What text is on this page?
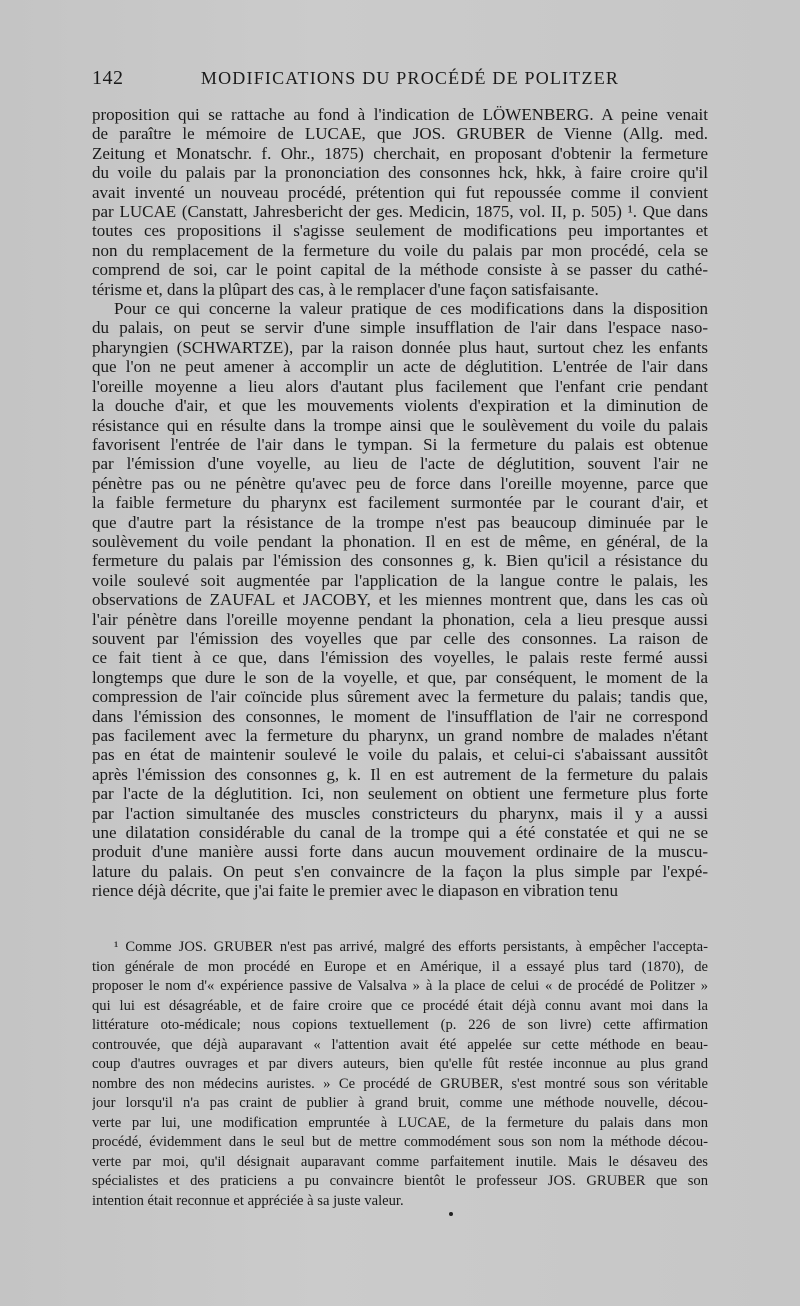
142	MODIFICATIONS DU PROCÉDÉ DE POLITZER
proposition qui se rattache au fond à l'indication de LÖWENBERG. A peine venait
de paraître le mémoire de LUCAE, que JOS. GRUBER de Vienne (Allg. med.
Zeitung et Monatschr. f. Ohr., 1875) cherchait, en proposant d'obtenir la fermeture
du voile du palais par la prononciation des consonnes hck, hkk, à faire croire qu'il
avait inventé un nouveau procédé, prétention qui fut repoussée comme il convient
par LUCAE (Canstatt, Jahresbericht der ges. Medicin, 1875, vol. II, p. 505) ¹. Que dans
toutes ces propositions il s'agisse seulement de modifications peu importantes et
non du remplacement de la fermeture du voile du palais par mon procédé, cela se
comprend de soi, car le point capital de la méthode consiste à se passer du cathé-
térisme et, dans la plûpart des cas, à le remplacer d'une façon satisfaisante.
Pour ce qui concerne la valeur pratique de ces modifications dans la disposition
du palais, on peut se servir d'une simple insufflation de l'air dans l'espace naso-
pharyngien (SCHWARTZE), par la raison donnée plus haut, surtout chez les enfants
que l'on ne peut amener à accomplir un acte de déglutition. L'entrée de l'air dans
l'oreille moyenne a lieu alors d'autant plus facilement que l'enfant crie pendant
la douche d'air, et que les mouvements violents d'expiration et la diminution de
résistance qui en résulte dans la trompe ainsi que le soulèvement du voile du palais
favorisent l'entrée de l'air dans le tympan. Si la fermeture du palais est obtenue
par l'émission d'une voyelle, au lieu de l'acte de déglutition, souvent l'air ne
pénètre pas ou ne pénètre qu'avec peu de force dans l'oreille moyenne, parce que
la faible fermeture du pharynx est facilement surmontée par le courant d'air, et
que d'autre part la résistance de la trompe n'est pas beaucoup diminuée par le
soulèvement du voile pendant la phonation. Il en est de même, en général, de la
fermeture du palais par l'émission des consonnes g, k. Bien qu'icil a résistance du
voile soulevé soit augmentée par l'application de la langue contre le palais, les
observations de ZAUFAL et JACOBY, et les miennes montrent que, dans les cas où
l'air pénètre dans l'oreille moyenne pendant la phonation, cela a lieu presque aussi
souvent par l'émission des voyelles que par celle des consonnes. La raison de
ce fait tient à ce que, dans l'émission des voyelles, le palais reste fermé aussi
longtemps que dure le son de la voyelle, et que, par conséquent, le moment de la
compression de l'air coïncide plus sûrement avec la fermeture du palais; tandis que,
dans l'émission des consonnes, le moment de l'insufflation de l'air ne correspond
pas facilement avec la fermeture du pharynx, un grand nombre de malades n'étant
pas en état de maintenir soulevé le voile du palais, et celui-ci s'abaissant aussitôt
après l'émission des consonnes g, k. Il en est autrement de la fermeture du palais
par l'acte de la déglutition. Ici, non seulement on obtient une fermeture plus forte
par l'action simultanée des muscles constricteurs du pharynx, mais il y a aussi
une dilatation considérable du canal de la trompe qui a été constatée et qui ne se
produit d'une manière aussi forte dans aucun mouvement ordinaire de la muscu-
lature du palais. On peut s'en convaincre de la façon la plus simple par l'expé-
rience déjà décrite, que j'ai faite le premier avec le diapason en vibration tenu
¹ Comme JOS. GRUBER n'est pas arrivé, malgré des efforts persistants, à empêcher l'accepta-
tion générale de mon procédé en Europe et en Amérique, il a essayé plus tard (1870), de
proposer le nom d'« expérience passive de Valsalva » à la place de celui « de procédé de Politzer »
qui lui est désagréable, et de faire croire que ce procédé était déjà connu avant moi dans la
littérature oto-médicale; nous copions textuellement (p. 226 de son livre) cette affirmation
controuvée, que déjà auparavant « l'attention avait été appelée sur cette méthode en beau-
coup d'autres ouvrages et par divers auteurs, bien qu'elle fût restée inconnue au plus grand
nombre des non médecins auristes. » Ce procédé de GRUBER, s'est montré sous son véritable
jour lorsqu'il n'a pas craint de publier à grand bruit, comme une méthode nouvelle, décou-
verte par lui, une modification empruntée à LUCAE, de la fermeture du palais dans mon
procédé, évidemment dans le seul but de mettre commodément sous son nom la méthode décou-
verte par moi, qu'il désignait auparavant comme parfaitement inutile. Mais le désaveu des
spécialistes et des praticiens a pu convaincre bientôt le professeur JOS. GRUBER que son
intention était reconnue et appréciée à sa juste valeur.
